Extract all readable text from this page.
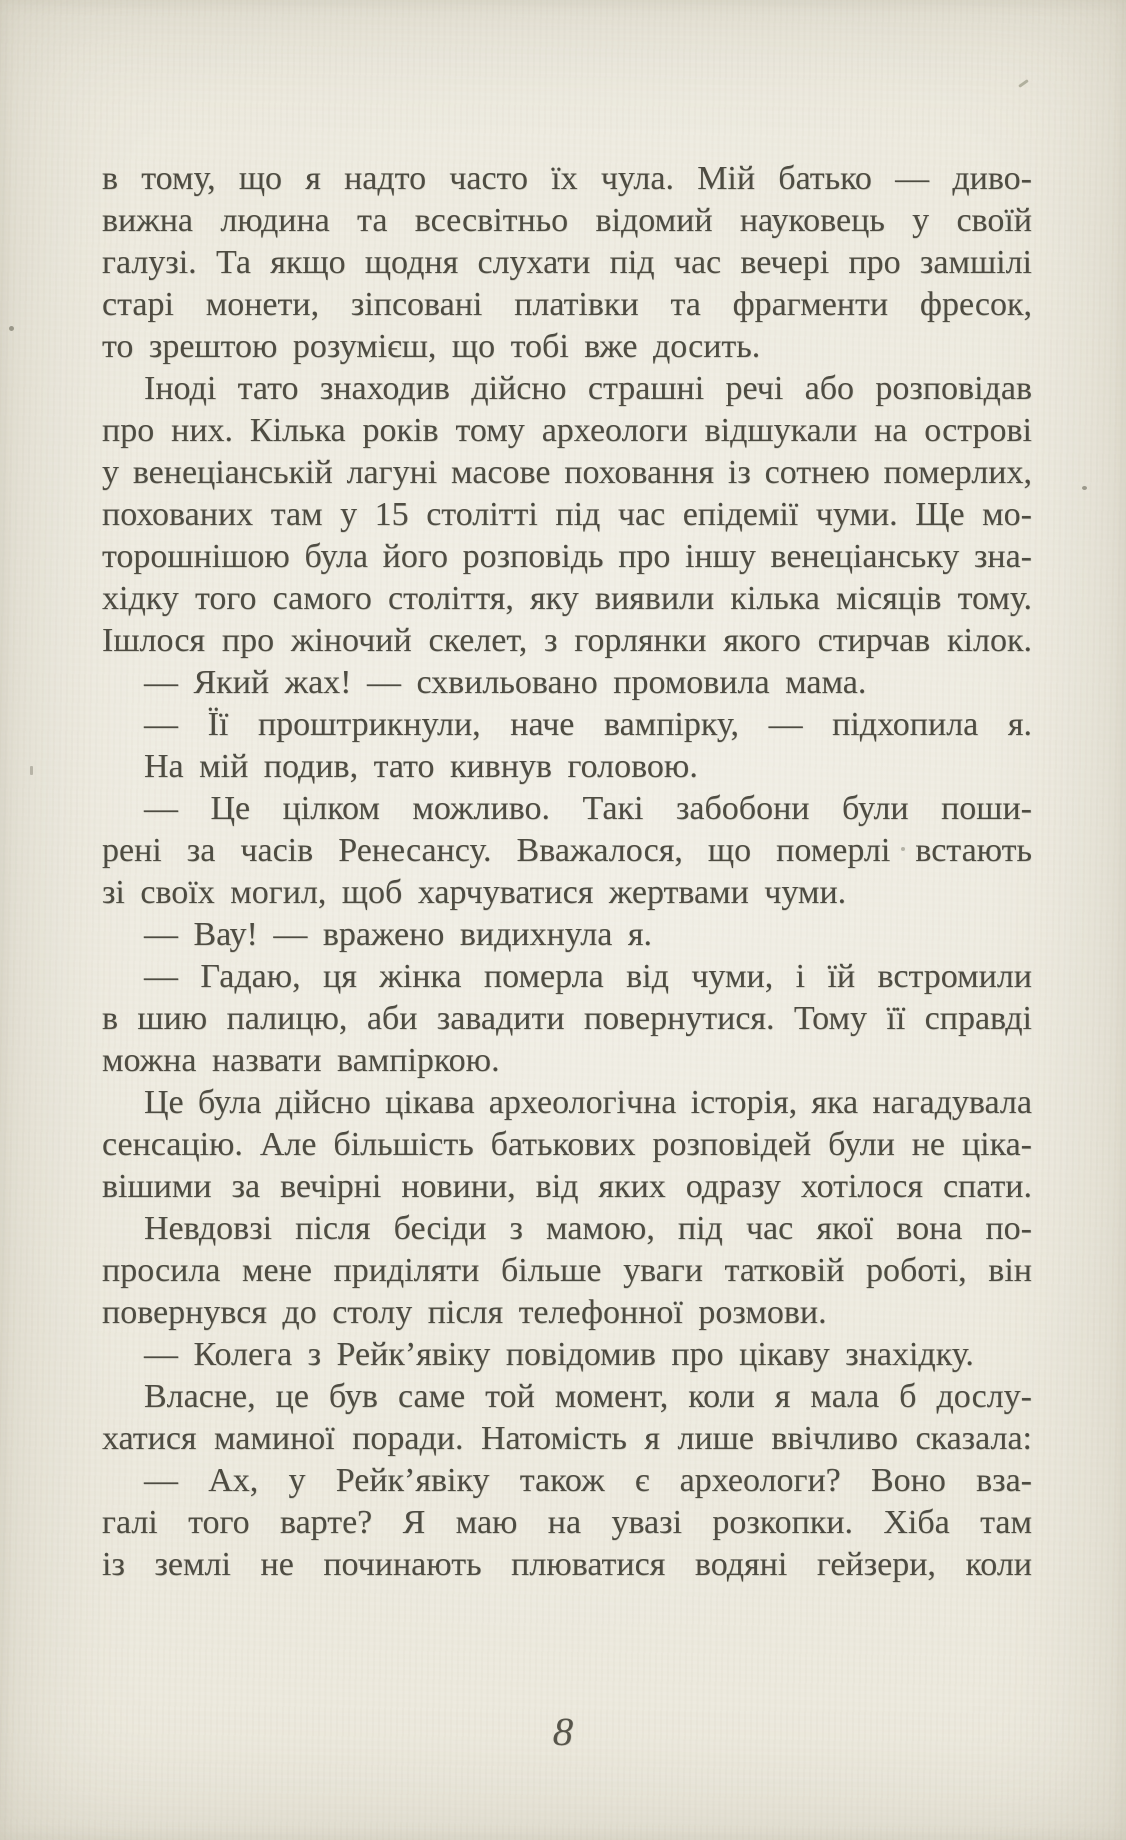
в тому, що я надто часто їх чула. Мій батько — диво-
вижна людина та всесвітньо відомий науковець у своїй
галузі. Та якщо щодня слухати під час вечері про замшілі
старі монети, зіпсовані платівки та фрагменти фресок,
то зрештою розумієш, що тобі вже досить.
Іноді тато знаходив дійсно страшні речі або розповідав
про них. Кілька років тому археологи відшукали на острові
у венеціанській лагуні масове поховання із сотнею померлих,
похованих там у 15 столітті під час епідемії чуми. Ще мо-
торошнішою була його розповідь про іншу венеціанську зна-
хідку того самого століття, яку виявили кілька місяців тому.
Ішлося про жіночий скелет, з горлянки якого стирчав кілок.
— Який жах! — схвильовано промовила мама.
— Її проштрикнули, наче вампірку, — підхопила я.
На мій подив, тато кивнув головою.
— Це цілком можливо. Такі забобони були поши-
рені за часів Ренесансу. Вважалося, що померлі встають
зі своїх могил, щоб харчуватися жертвами чуми.
— Вау! — вражено видихнула я.
— Гадаю, ця жінка померла від чуми, і їй встромили
в шию палицю, аби завадити повернутися. Тому її справді
можна назвати вампіркою.
Це була дійсно цікава археологічна історія, яка нагадувала
сенсацію. Але більшість батькових розповідей були не ціка-
вішими за вечірні новини, від яких одразу хотілося спати.
Невдовзі після бесіди з мамою, під час якої вона по-
просила мене приділяти більше уваги татковій роботі, він
повернувся до столу після телефонної розмови.
— Колега з Рейк’явіку повідомив про цікаву знахідку.
Власне, це був саме той момент, коли я мала б дослу-
хатися маминої поради. Натомість я лише ввічливо сказала:
— Ах, у Рейк’явіку також є археологи? Воно вза-
галі того варте? Я маю на увазі розкопки. Хіба там
із землі не починають плюватися водяні гейзери, коли
8
